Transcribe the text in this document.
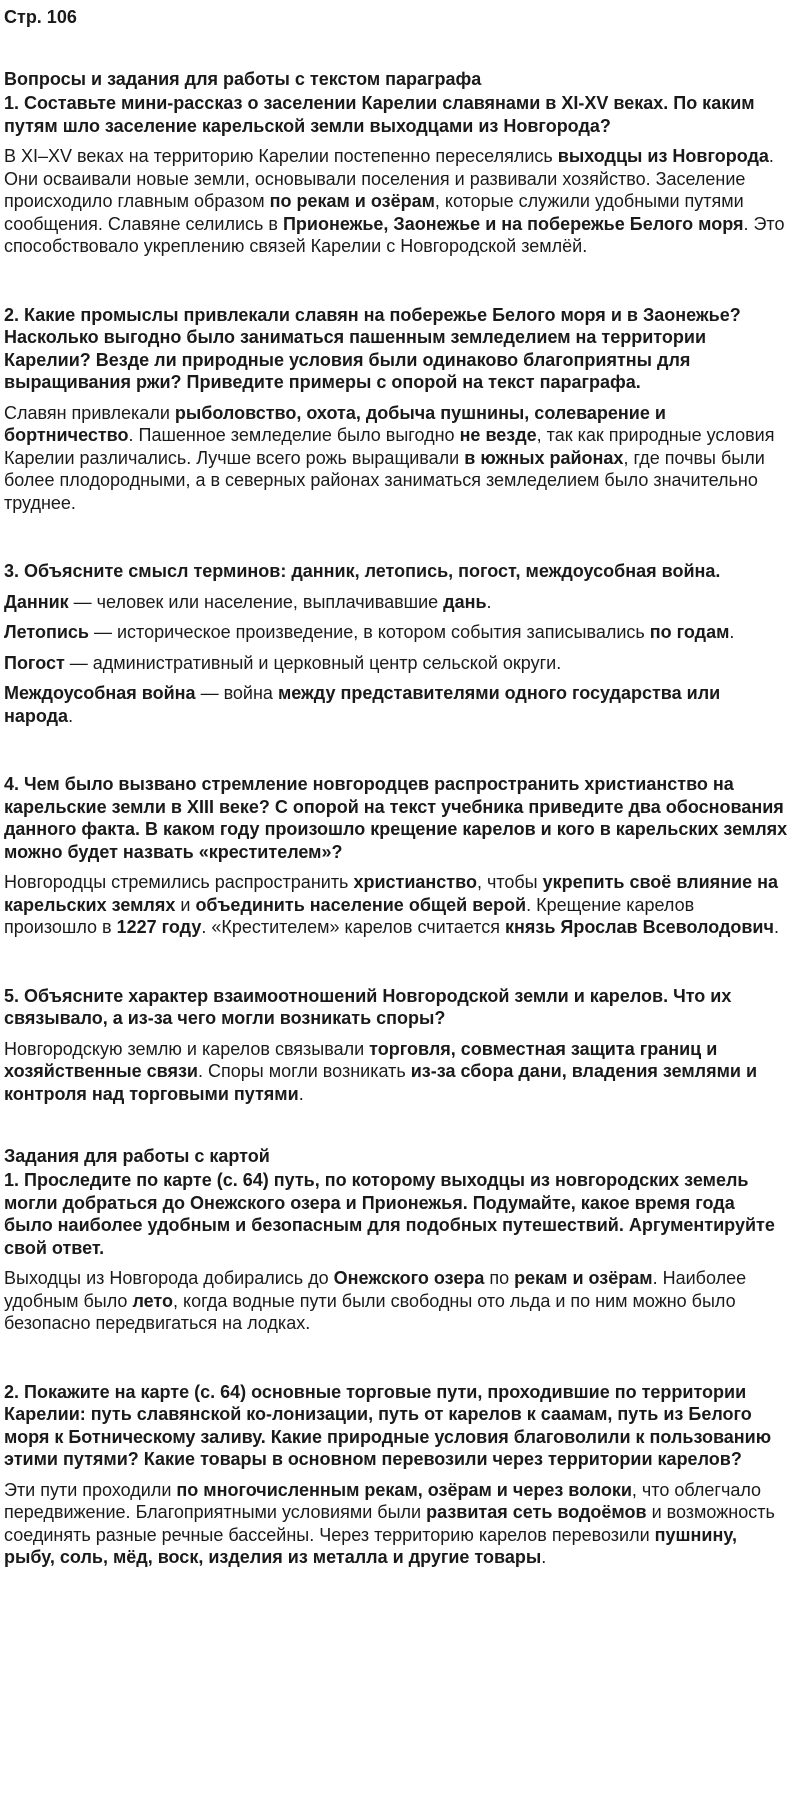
Стр. 106
Вопросы и задания для работы с текстом параграфа
1. Составьте мини-рассказ о заселении Карелии славянами в XI-XV веках. По каким путям шло заселение карельской земли выходцами из Новгорода?
В XI–XV веках на территорию Карелии постепенно переселялись выходцы из Новгорода. Они осваивали новые земли, основывали поселения и развивали хозяйство. Заселение происходило главным образом по рекам и озёрам, которые служили удобными путями сообщения. Славяне селились в Прионежье, Заонежье и на побережье Белого моря. Это способствовало укреплению связей Карелии с Новгородской землёй.
2. Какие промыслы привлекали славян на побережье Белого моря и в Заонежье? Насколько выгодно было заниматься пашенным земледелием на территории Карелии? Везде ли природные условия были одинаково благоприятны для выращивания ржи? Приведите примеры с опорой на текст параграфа.
Славян привлекали рыболовство, охота, добыча пушнины, солеварение и бортничество. Пашенное земледелие было выгодно не везде, так как природные условия Карелии различались. Лучше всего рожь выращивали в южных районах, где почвы были более плодородными, а в северных районах заниматься земледелием было значительно труднее.
3. Объясните смысл терминов: данник, летопись, погост, междоусобная война.
Данник — человек или население, выплачивавшие дань.
Летопись — историческое произведение, в котором события записывались по годам.
Погост — административный и церковный центр сельской округи.
Междоусобная война — война между представителями одного государства или народа.
4. Чем было вызвано стремление новгородцев распространить христианство на карельские земли в XIII веке? С опорой на текст учебника приведите два обоснования данного факта. В каком году произошло крещение карелов и кого в карельских землях можно будет назвать «крестителем»?
Новгородцы стремились распространить христианство, чтобы укрепить своё влияние на карельских землях и объединить население общей верой. Крещение карелов произошло в 1227 году. «Крестителем» карелов считается князь Ярослав Всеволодович.
5. Объясните характер взаимоотношений Новгородской земли и карелов. Что их связывало, а из-за чего могли возникать споры?
Новгородскую землю и карелов связывали торговля, совместная защита границ и хозяйственные связи. Споры могли возникать из-за сбора дани, владения землями и контроля над торговыми путями.
Задания для работы с картой
1. Проследите по карте (с. 64) путь, по которому выходцы из новгородских земель могли добраться до Онежского озера и Прионежья. Подумайте, какое время года было наиболее удобным и безопасным для подобных путешествий. Аргументируйте свой ответ.
Выходцы из Новгорода добирались до Онежского озера по рекам и озёрам. Наиболее удобным было лето, когда водные пути были свободны ото льда и по ним можно было безопасно передвигаться на лодках.
2. Покажите на карте (с. 64) основные торговые пути, проходившие по территории Карелии: путь славянской ко-лонизации, путь от карелов к саамам, путь из Белого моря к Ботническому заливу. Какие природные условия благоволили к пользованию этими путями? Какие товары в основном перевозили через территории карелов?
Эти пути проходили по многочисленным рекам, озёрам и через волоки, что облегчало передвижение. Благоприятными условиями были развитая сеть водоёмов и возможность соединять разные речные бассейны. Через территорию карелов перевозили пушнину, рыбу, соль, мёд, воск, изделия из металла и другие товары.
